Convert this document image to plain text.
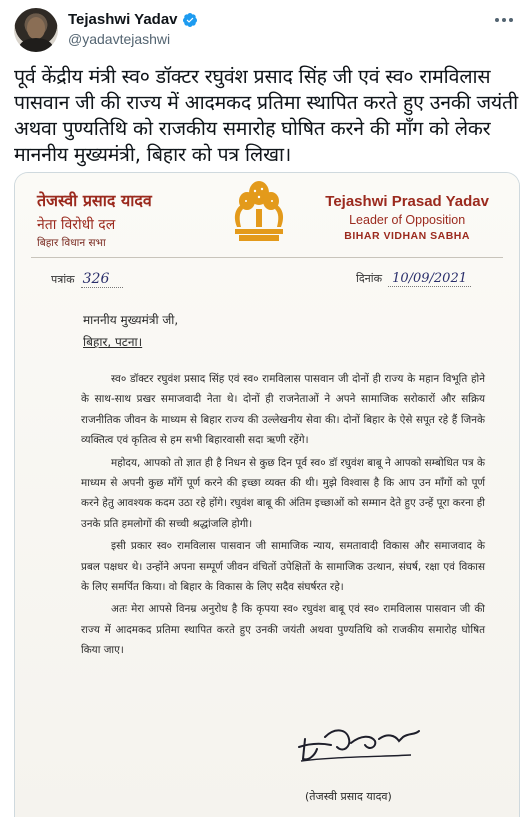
Tejashwi Yadav
@yadavtejashwi
पूर्व केंद्रीय मंत्री स्व० डॉक्टर रघुवंश प्रसाद सिंह जी एवं स्व० रामविलास पासवान जी की राज्य में आदमकद प्रतिमा स्थापित करते हुए उनकी जयंती अथवा पुण्यतिथि को राजकीय समारोह घोषित करने की माँग को लेकर माननीय मुख्यमंत्री, बिहार को पत्र लिखा।
तेजस्वी प्रसाद यादव
नेता विरोधी दल
बिहार विधान सभा
Tejashwi Prasad Yadav
Leader of Opposition
BIHAR VIDHAN SABHA
पत्रांक 326	दिनांक 10/09/2021
माननीय मुख्यमंत्री जी,
बिहार, पटना।

स्व० डॉक्टर रघुवंश प्रसाद सिंह एवं स्व० रामविलास पासवान जी दोनों ही राज्य के महान विभूति होने के साथ-साथ प्रखर समाजवादी नेता थे। दोनों ही राजनेताओं ने अपने सामाजिक सरोकारों और सक्रिय राजनीतिक जीवन के माध्यम से बिहार राज्य की उल्लेखनीय सेवा की। दोनों बिहार के ऐसे सपूत रहे हैं जिनके व्यक्तित्व एवं कृतित्व से हम सभी बिहारवासी सदा ऋणी रहेंगे।

महोदय, आपको तो ज्ञात ही है निधन से कुछ दिन पूर्व स्व० डॉ रघुवंश बाबू ने आपको सम्बोधित पत्र के माध्यम से अपनी कुछ माँगें पूर्ण करने की इच्छा व्यक्त की थी। मुझे विश्वास है कि आप उन माँगों को पूर्ण करने हेतु आवश्यक कदम उठा रहे होंगे। रघुवंश बाबू की अंतिम इच्छाओं को सम्मान देते हुए उन्हें पूरा करना ही उनके प्रति हमलोगों की सच्ची श्रद्धांजलि होगी।

इसी प्रकार स्व० रामविलास पासवान जी सामाजिक न्याय, समतावादी विकास और समाजवाद के प्रबल पक्षधर थे। उन्होंने अपना सम्पूर्ण जीवन वंचितों उपेक्षितों के सामाजिक उत्थान, संघर्ष, रक्षा एवं विकास के लिए समर्पित किया। वो बिहार के विकास के लिए सदैव संघर्षरत रहे।

अतः मेरा आपसे विनम्र अनुरोध है कि कृपया स्व० रघुवंश बाबू एवं स्व० रामविलास पासवान जी की राज्य में आदमकद प्रतिमा स्थापित करते हुए उनकी जयंती अथवा पुण्यतिथि को राजकीय समारोह घोषित किया जाए।

(तेजस्वी प्रसाद यादव)
